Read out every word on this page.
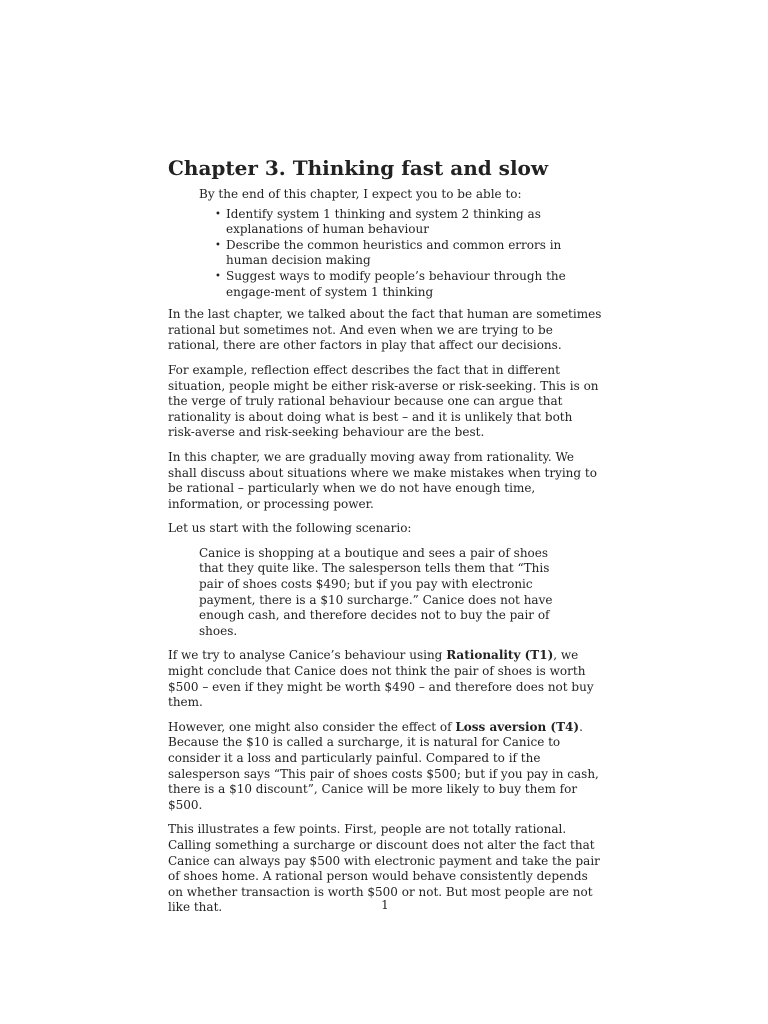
Chapter 3. Thinking fast and slow

By the end of this chapter, I expect you to be able to:

• Identify system 1 thinking and system 2 thinking as explanations of human behaviour
• Describe the common heuristics and common errors in human decision making
• Suggest ways to modify people’s behaviour through the engage-ment of system 1 thinking

In the last chapter, we talked about the fact that human are sometimes rational but sometimes not. And even when we are trying to be rational, there are other factors in play that affect our decisions.

For example, reflection effect describes the fact that in different situation, people might be either risk-averse or risk-seeking. This is on the verge of truly rational behaviour because one can argue that rationality is about doing what is best – and it is unlikely that both risk-averse and risk-seeking behaviour are the best.

In this chapter, we are gradually moving away from rationality. We shall discuss about situations where we make mistakes when trying to be rational – particularly when we do not have enough time, information, or processing power.

Let us start with the following scenario:

Canice is shopping at a boutique and sees a pair of shoes that they quite like. The salesperson tells them that “This pair of shoes costs $490; but if you pay with electronic payment, there is a $10 surcharge.” Canice does not have enough cash, and therefore decides not to buy the pair of shoes.

If we try to analyse Canice’s behaviour using Rationality (T1), we might conclude that Canice does not think the pair of shoes is worth $500 – even if they might be worth $490 – and therefore does not buy them.

However, one might also consider the effect of Loss aversion (T4). Because the $10 is called a surcharge, it is natural for Canice to consider it a loss and particularly painful. Compared to if the salesperson says “This pair of shoes costs $500; but if you pay in cash, there is a $10 discount”, Canice will be more likely to buy them for $500.

This illustrates a few points. First, people are not totally rational. Calling something a surcharge or discount does not alter the fact that Canice can always pay $500 with electronic payment and take the pair of shoes home. A rational person would behave consistently depends on whether transaction is worth $500 or not. But most people are not like that.	1
